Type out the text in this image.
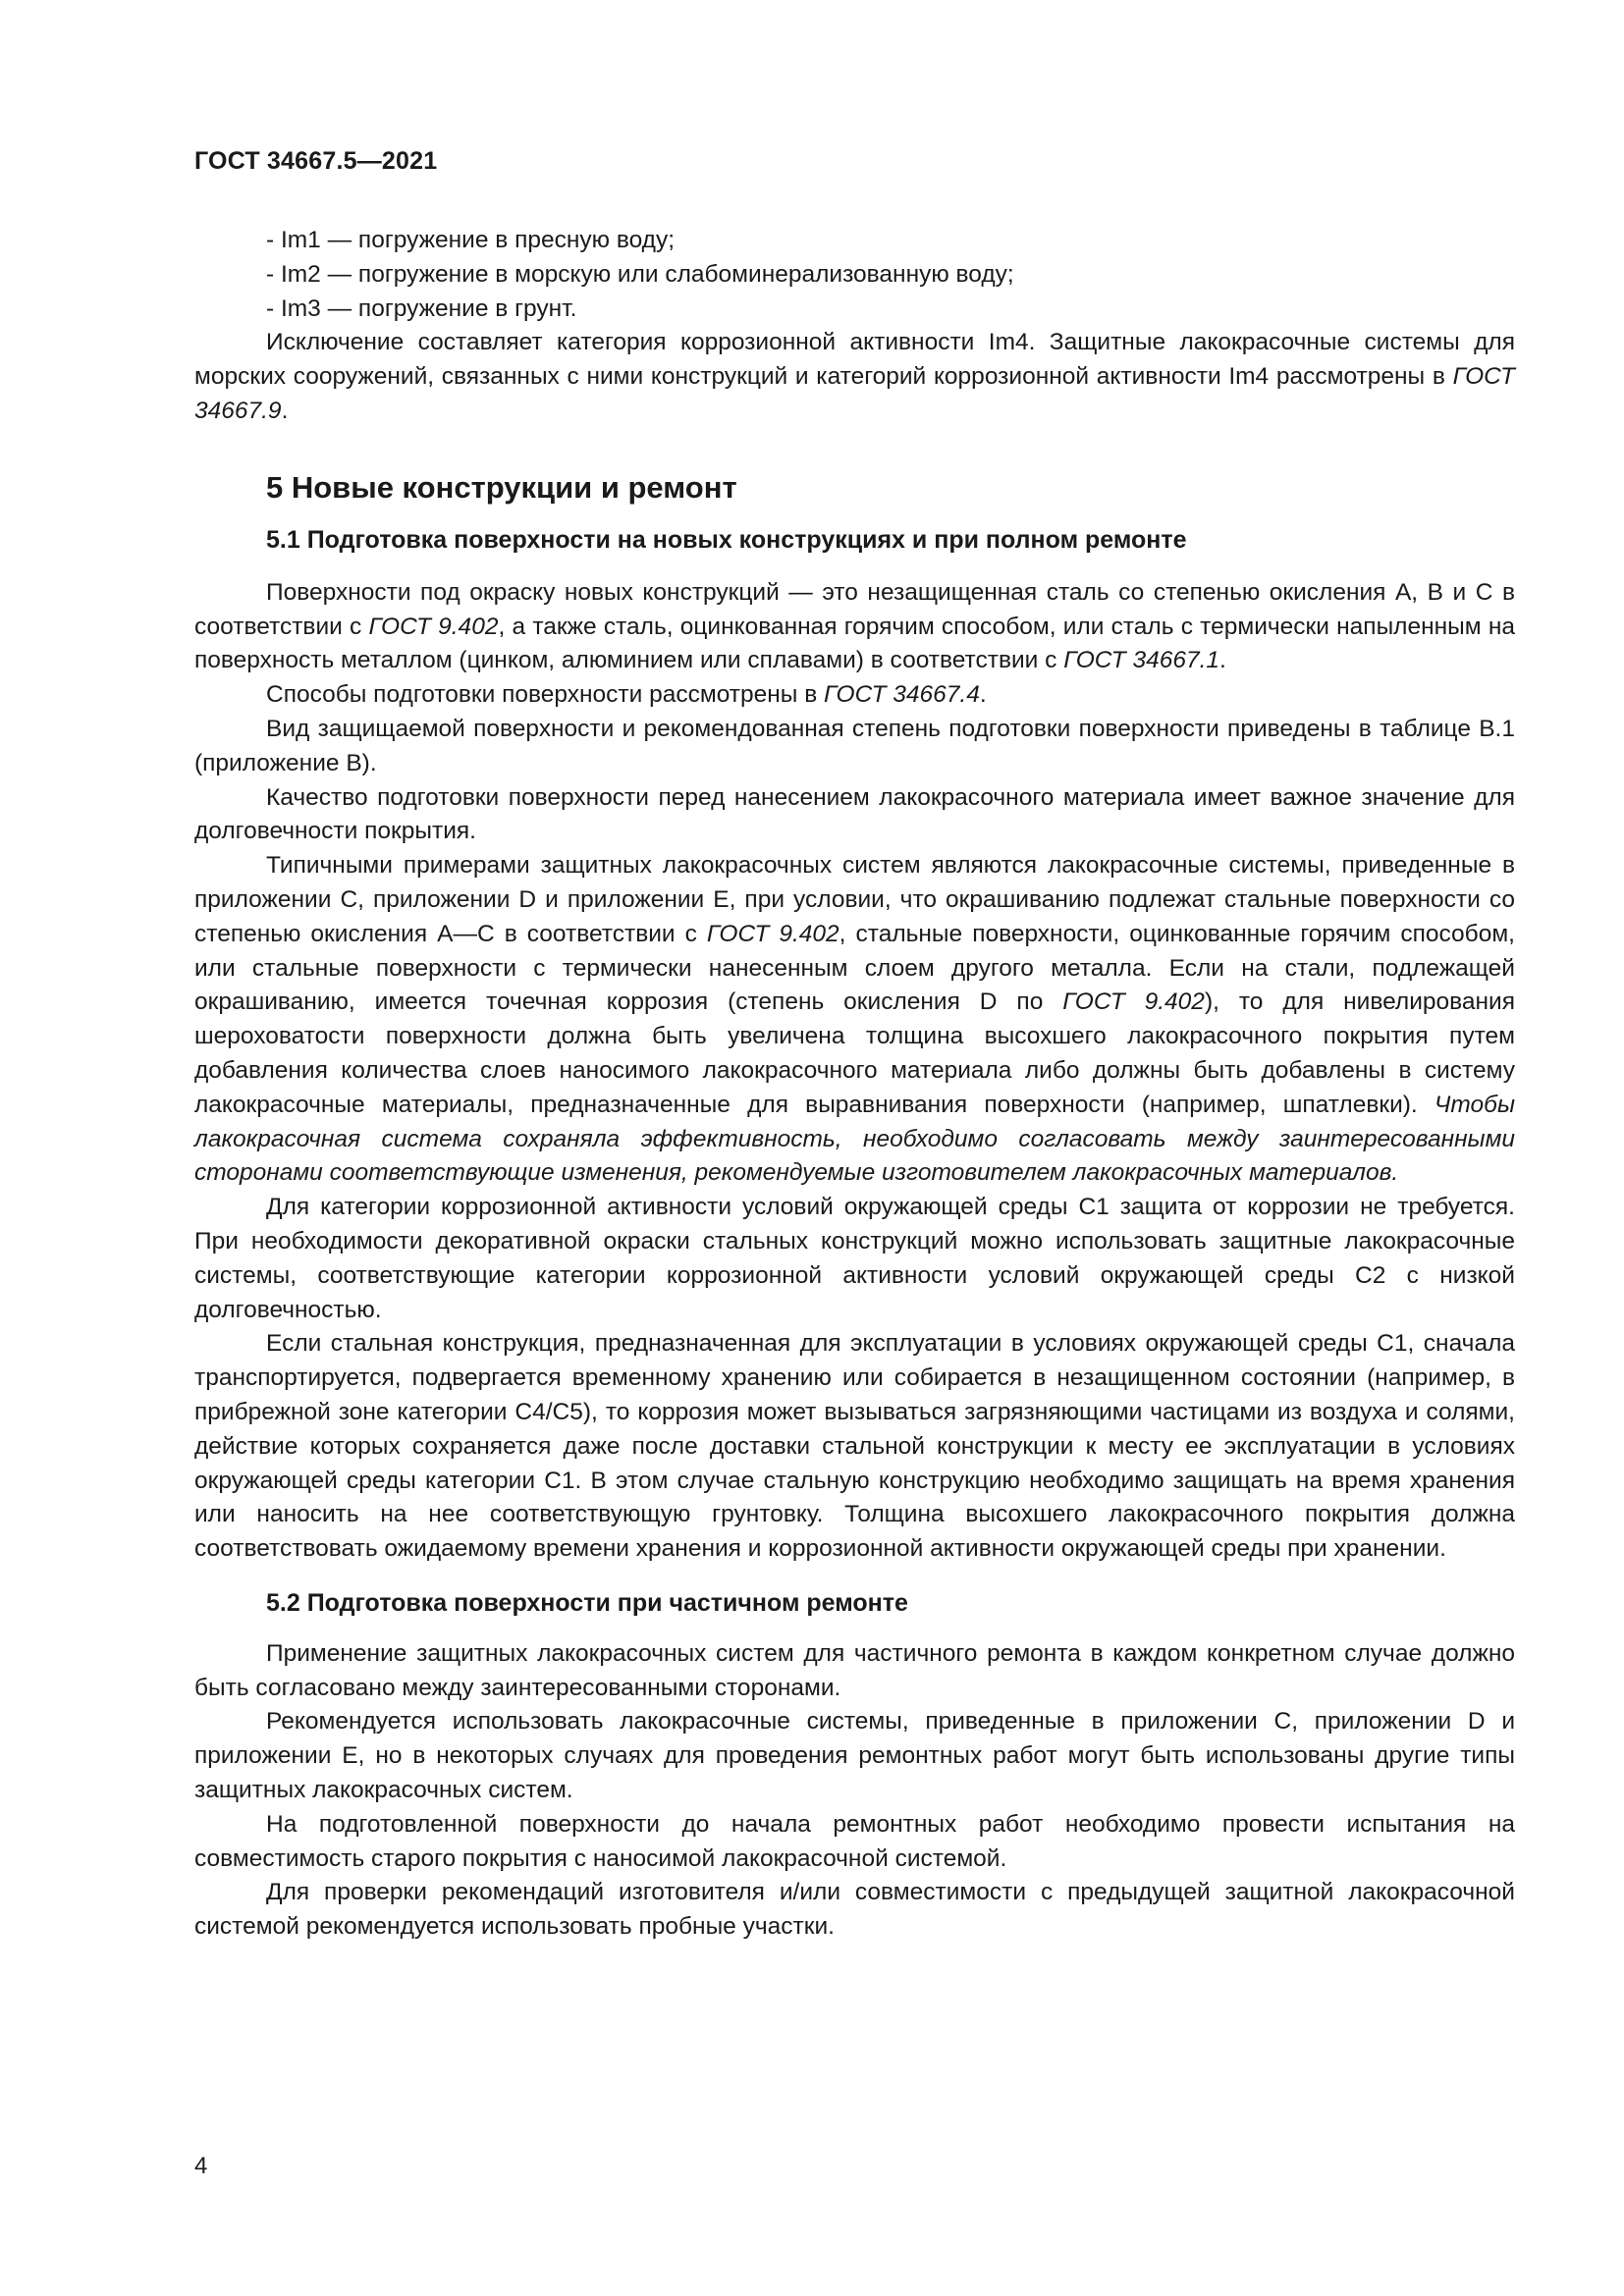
ГОСТ 34667.5—2021

- Im1 — погружение в пресную воду;

- Im2 — погружение в морскую или слабоминерализованную воду;

- Im3 — погружение в грунт.

Исключение составляет категория коррозионной активности Im4. Защитные лакокрасочные системы для морских сооружений, связанных с ними конструкций и категорий коррозионной активности Im4 рассмотрены в ГОСТ 34667.9.

5 Новые конструкции и ремонт
5.1 Подготовка поверхности на новых конструкциях и при полном ремонте

Поверхности под окраску новых конструкций — это незащищенная сталь со степенью окисления А, В и С в соответствии с ГОСТ 9.402, а также сталь, оцинкованная горячим способом, или сталь с термически напыленным на поверхность металлом (цинком, алюминием или сплавами) в соответствии с ГОСТ 34667.1.

Способы подготовки поверхности рассмотрены в ГОСТ 34667.4.

Вид защищаемой поверхности и рекомендованная степень подготовки поверхности приведены в таблице В.1 (приложение В).

Качество подготовки поверхности перед нанесением лакокрасочного материала имеет важное значение для долговечности покрытия.

Типичными примерами защитных лакокрасочных систем являются лакокрасочные системы, приведенные в приложении С, приложении D и приложении Е, при условии, что окрашиванию подлежат стальные поверхности со степенью окисления А—С в соответствии с ГОСТ 9.402, стальные поверхности, оцинкованные горячим способом, или стальные поверхности с термически нанесенным слоем другого металла. Если на стали, подлежащей окрашиванию, имеется точечная коррозия (степень окисления D по ГОСТ 9.402), то для нивелирования шероховатости поверхности должна быть увеличена толщина высохшего лакокрасочного покрытия путем добавления количества слоев наносимого лакокрасочного материала либо должны быть добавлены в систему лакокрасочные материалы, предназначенные для выравнивания поверхности (например, шпатлевки). Чтобы лакокрасочная система сохраняла эффективность, необходимо согласовать между заинтересованными сторонами соответствующие изменения, рекомендуемые изготовителем лакокрасочных материалов.

Для категории коррозионной активности условий окружающей среды С1 защита от коррозии не требуется. При необходимости декоративной окраски стальных конструкций можно использовать защитные лакокрасочные системы, соответствующие категории коррозионной активности условий окружающей среды С2 с низкой долговечностью.

Если стальная конструкция, предназначенная для эксплуатации в условиях окружающей среды С1, сначала транспортируется, подвергается временному хранению или собирается в незащищенном состоянии (например, в прибрежной зоне категории С4/С5), то коррозия может вызываться загрязняющими частицами из воздуха и солями, действие которых сохраняется даже после доставки стальной конструкции к месту ее эксплуатации в условиях окружающей среды категории С1. В этом случае стальную конструкцию необходимо защищать на время хранения или наносить на нее соответствующую грунтовку. Толщина высохшего лакокрасочного покрытия должна соответствовать ожидаемому времени хранения и коррозионной активности окружающей среды при хранении.

5.2 Подготовка поверхности при частичном ремонте

Применение защитных лакокрасочных систем для частичного ремонта в каждом конкретном случае должно быть согласовано между заинтересованными сторонами.

Рекомендуется использовать лакокрасочные системы, приведенные в приложении С, приложении D и приложении Е, но в некоторых случаях для проведения ремонтных работ могут быть использованы другие типы защитных лакокрасочных систем.

На подготовленной поверхности до начала ремонтных работ необходимо провести испытания на совместимость старого покрытия с наносимой лакокрасочной системой.

Для проверки рекомендаций изготовителя и/или совместимости с предыдущей защитной лакокрасочной системой рекомендуется использовать пробные участки.

4
